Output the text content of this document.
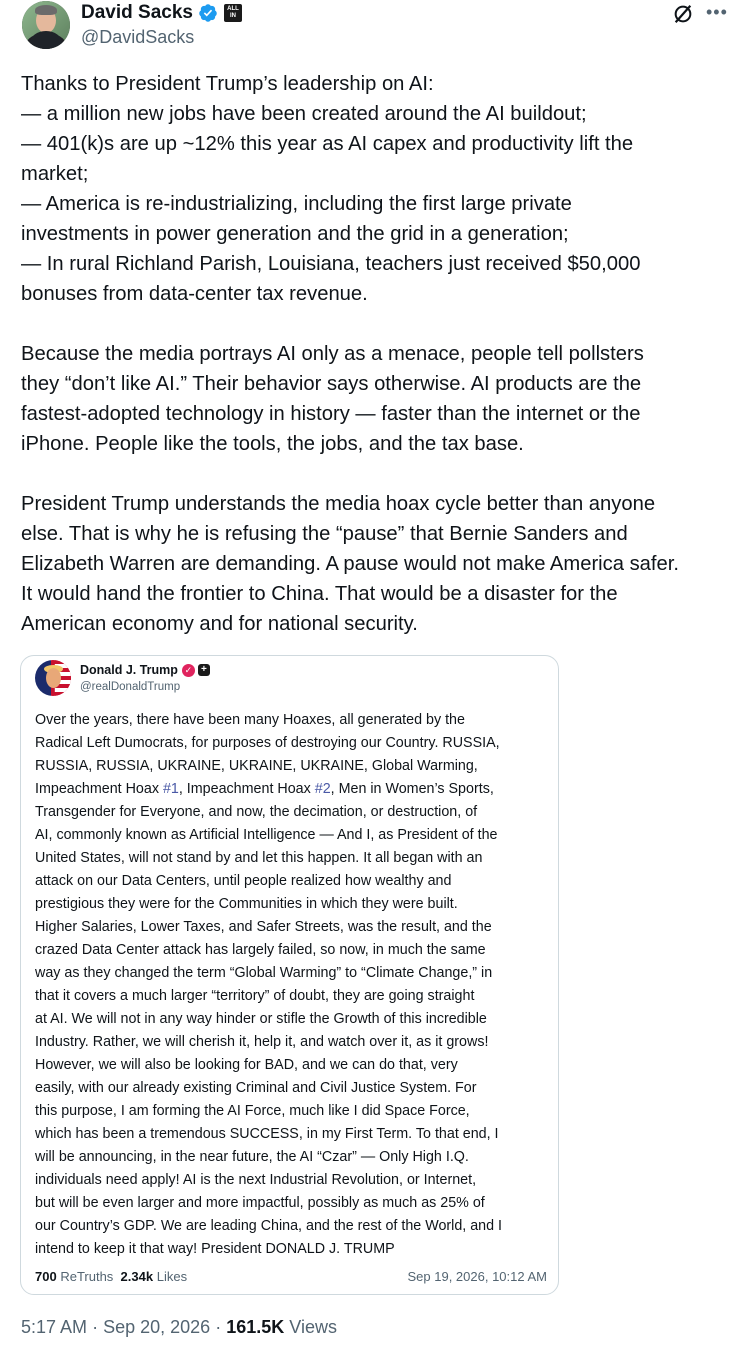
David Sacks	ALL IN
@DavidSacks
•••

Thanks to President Trump’s leadership on AI:
— a million new jobs have been created around the AI buildout;
— 401(k)s are up ~12% this year as AI capex and productivity lift the
market;
— America is re-industrializing, including the first large private
investments in power generation and the grid in a generation;
— In rural Richland Parish, Louisiana, teachers just received $50,000
bonuses from data-center tax revenue.

Because the media portrays AI only as a menace, people tell pollsters
they “don’t like AI.” Their behavior says otherwise. AI products are the
fastest-adopted technology in history — faster than the internet or the
iPhone. People like the tools, the jobs, and the tax base.

President Trump understands the media hoax cycle better than anyone
else. That is why he is refusing the “pause” that Bernie Sanders and
Elizabeth Warren are demanding. A pause would not make America safer.
It would hand the frontier to China. That would be a disaster for the
American economy and for national security.

Donald J. Trump ✓ +
@realDonaldTrump
Over the years, there have been many Hoaxes, all generated by the
Radical Left Dumocrats, for purposes of destroying our Country. RUSSIA,
RUSSIA, RUSSIA, UKRAINE, UKRAINE, UKRAINE, Global Warming,
Impeachment Hoax #1, Impeachment Hoax #2, Men in Women’s Sports,
Transgender for Everyone, and now, the decimation, or destruction, of
AI, commonly known as Artificial Intelligence — And I, as President of the
United States, will not stand by and let this happen. It all began with an
attack on our Data Centers, until people realized how wealthy and
prestigious they were for the Communities in which they were built.
Higher Salaries, Lower Taxes, and Safer Streets, was the result, and the
crazed Data Center attack has largely failed, so now, in much the same
way as they changed the term “Global Warming” to “Climate Change,” in
that it covers a much larger “territory” of doubt, they are going straight
at AI. We will not in any way hinder or stifle the Growth of this incredible
Industry. Rather, we will cherish it, help it, and watch over it, as it grows!
However, we will also be looking for BAD, and we can do that, very
easily, with our already existing Criminal and Civil Justice System. For
this purpose, I am forming the AI Force, much like I did Space Force,
which has been a tremendous SUCCESS, in my First Term. To that end, I
will be announcing, in the near future, the AI “Czar” — Only High I.Q.
individuals need apply! AI is the next Industrial Revolution, or Internet,
but will be even larger and more impactful, possibly as much as 25% of
our Country’s GDP. We are leading China, and the rest of the World, and I
intend to keep it that way! President DONALD J. TRUMP
700 ReTruths 2.34k Likes	Sep 19, 2026, 10:12 AM
5:17 AM · Sep 20, 2026 · 161.5K Views
